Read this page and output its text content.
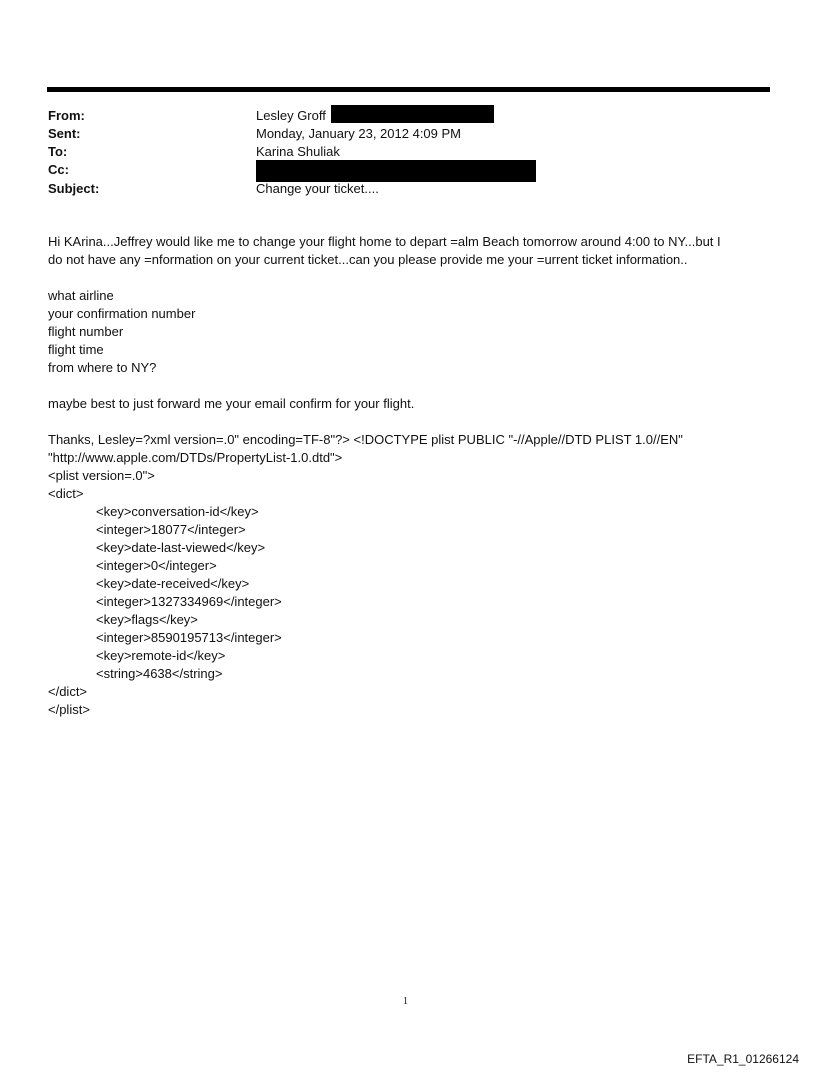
From:	Lesley Groff
Sent:	Monday, January 23, 2012 4:09 PM
To:	Karina Shuliak
Cc:
Subject:	Change your ticket....
Hi KArina...Jeffrey would like me to change your flight home to depart =alm Beach tomorrow around 4:00 to NY...but I
do not have any =nformation on your current ticket...can you please provide me your =urrent ticket information..
what airline
your confirmation number
flight number
flight time
from where to NY?
maybe best to just forward me your email confirm for your flight.
Thanks, Lesley=?xml version=.0" encoding=TF-8"?> <!DOCTYPE plist PUBLIC "-//Apple//DTD PLIST 1.0//EN"
"http://www.apple.com/DTDs/PropertyList-1.0.dtd">
<plist version=.0">
<dict>
<key>conversation-id</key>
<integer>18077</integer>
<key>date-last-viewed</key>
<integer>0</integer>
<key>date-received</key>
<integer>1327334969</integer>
<key>flags</key>
<integer>8590195713</integer>
<key>remote-id</key>
<string>4638</string>
</dict>
</plist>
1
EFTA_R1_01266124
